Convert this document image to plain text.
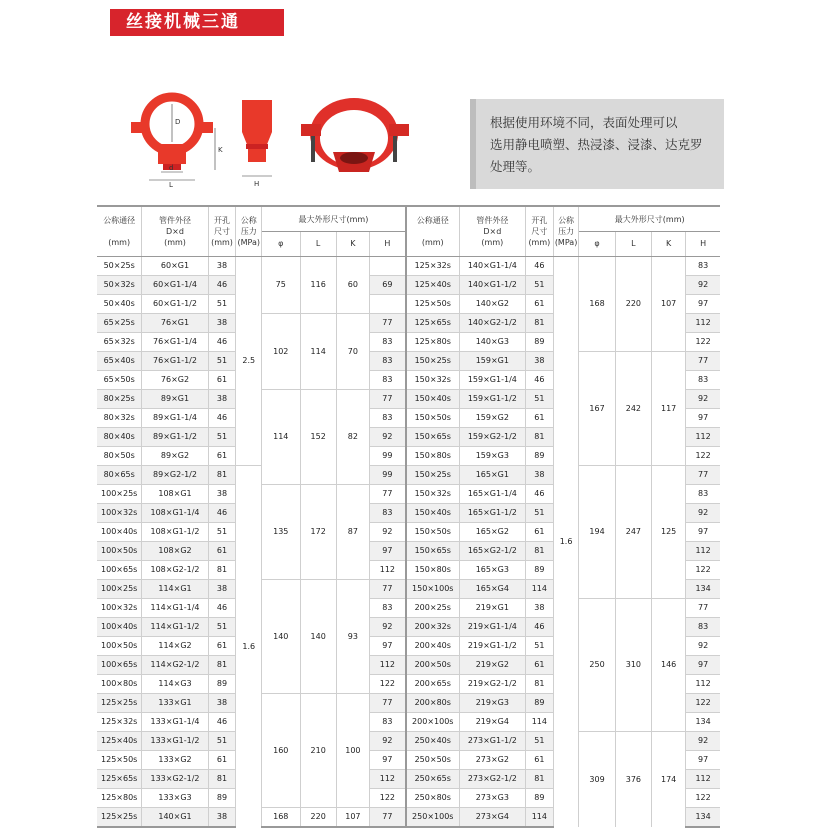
丝接机械三通
D
d
L
K
H
根据使用环境不同，表面处理可以
选用静电喷塑、热浸漆、浸漆、达克罗
处理等。
公称通径

(mm)	管件外径
D×d
(mm)	开孔
尺寸
(mm)	公称
压力
(MPa)	最大外形尺寸(mm)				公称通径

(mm)	管件外径
D×d
(mm)	开孔
尺寸
(mm)	公称
压力
(MPa)	最大外形尺寸(mm)			
				φ	L	K	H					φ	L	K	H
50×25s	60×G1	38	2.5	75	116	60		125×32s	140×G1-1/4	46	1.6	168	220	107	83
50×32s	60×G1-1/4	46					69	125×40s	140×G1-1/2	51					92
50×40s	60×G1-1/2	51						125×50s	140×G2	61					97
65×25s	76×G1	38		102	114	70	77	125×65s	140×G2-1/2	81					112
65×32s	76×G1-1/4	46					83	125×80s	140×G3	89					122
65×40s	76×G1-1/2	51					83	150×25s	159×G1	38		167	242	117	77
65×50s	76×G2	61					83	150×32s	159×G1-1/4	46					83
80×25s	89×G1	38		114	152	82	77	150×40s	159×G1-1/2	51					92
80×32s	89×G1-1/4	46					83	150×50s	159×G2	61					97
80×40s	89×G1-1/2	51					92	150×65s	159×G2-1/2	81					112
80×50s	89×G2	61					99	150×80s	159×G3	89					122
80×65s	89×G2-1/2	81	1.6				99	150×25s	165×G1	38		194	247	125	77
100×25s	108×G1	38		135	172	87	77	150×32s	165×G1-1/4	46					83
100×32s	108×G1-1/4	46					83	150×40s	165×G1-1/2	51					92
100×40s	108×G1-1/2	51					92	150×50s	165×G2	61					97
100×50s	108×G2	61					97	150×65s	165×G2-1/2	81					112
100×65s	108×G2-1/2	81					112	150×80s	165×G3	89					122
100×25s	114×G1	38		140	140	93	77	150×100s	165×G4	114					134
100×32s	114×G1-1/4	46					83	200×25s	219×G1	38		250	310	146	77
100×40s	114×G1-1/2	51					92	200×32s	219×G1-1/4	46					83
100×50s	114×G2	61					97	200×40s	219×G1-1/2	51					92
100×65s	114×G2-1/2	81					112	200×50s	219×G2	61					97
100×80s	114×G3	89					122	200×65s	219×G2-1/2	81					112
125×25s	133×G1	38		160	210	100	77	200×80s	219×G3	89					122
125×32s	133×G1-1/4	46					83	200×100s	219×G4	114					134
125×40s	133×G1-1/2	51					92	250×40s	273×G1-1/2	51		309	376	174	92
125×50s	133×G2	61					97	250×50s	273×G2	61					97
125×65s	133×G2-1/2	81					112	250×65s	273×G2-1/2	81					112
125×80s	133×G3	89					122	250×80s	273×G3	89					122
125×25s	140×G1	38		168	220	107	77	250×100s	273×G4	114					134
